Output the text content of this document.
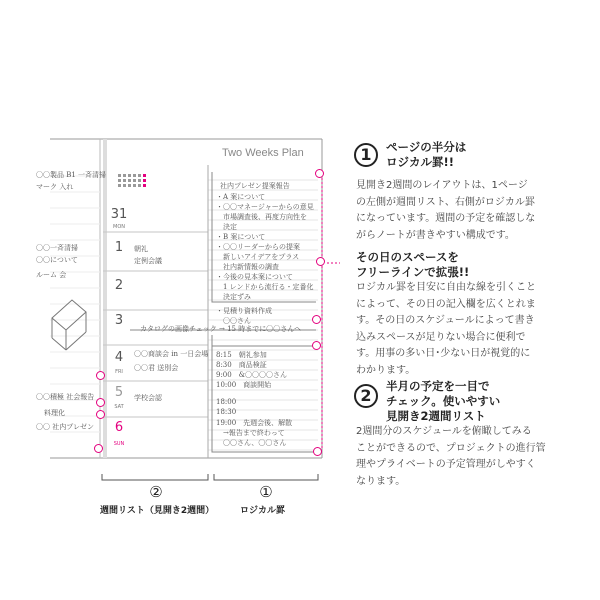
Two Weeks Plan
31
MON
1
2
3
4
FRI
5
SAT
6
SUN
〇〇製品 B1 一斉清掃
マーク 入れ
〇〇一斉清掃
〇〇について
ルーム 会
〇〇積極 社会報告
料理化
〇〇 社内プレゼン
朝礼
定例会議
〇〇商談会 in 一日会場
〇〇君 送別会
学校会認
カタログの画像チェック → 15 時までに〇〇さんへ
社内プレゼン提案報告
・A 案について
・〇〇マネージャーからの意見
　市場調査後、再度方向性を
　決定
・B 案について
・〇〇リーダーからの提案
　新しいアイデアをプラス
　社内新情報の調査
・今後の見本案について
　1 レンドから流行る・定番化
　決定ずみ
・見積り資料作成
　〇〇さん
8:15　朝礼参加
8:30　商品検証
9:00　&〇〇〇〇さん
10:00　商談開始
18:00
18:30
19:00　先週会後、解散
　→報告まで終わって
　〇〇さん、〇〇さん
②
週間リスト（見開き2週間）
①
ロジカル罫
1	ページの半分は
ロジカル罫!!
見開き2週間のレイアウトは、1ページ
の左側が週間リスト、右側がロジカル罫
になっています。週間の予定を確認しな
がらノートが書きやすい構成です。
その日のスペースを
フリーラインで拡張!!
ロジカル罫を目安に自由な線を引くこと
によって、その日の記入欄を広くとれま
す。その日のスケジュールによって書き
込みスペースが足りない場合に便利で
す。用事の多い日･少ない日が視覚的に
わかります。
2	半月の予定を一目で
チェック。使いやすい
見開き2週間リスト
2週間分のスケジュールを俯瞰してみる
ことができるので、プロジェクトの進行管
理やプライベートの予定管理がしやすく
なります。
